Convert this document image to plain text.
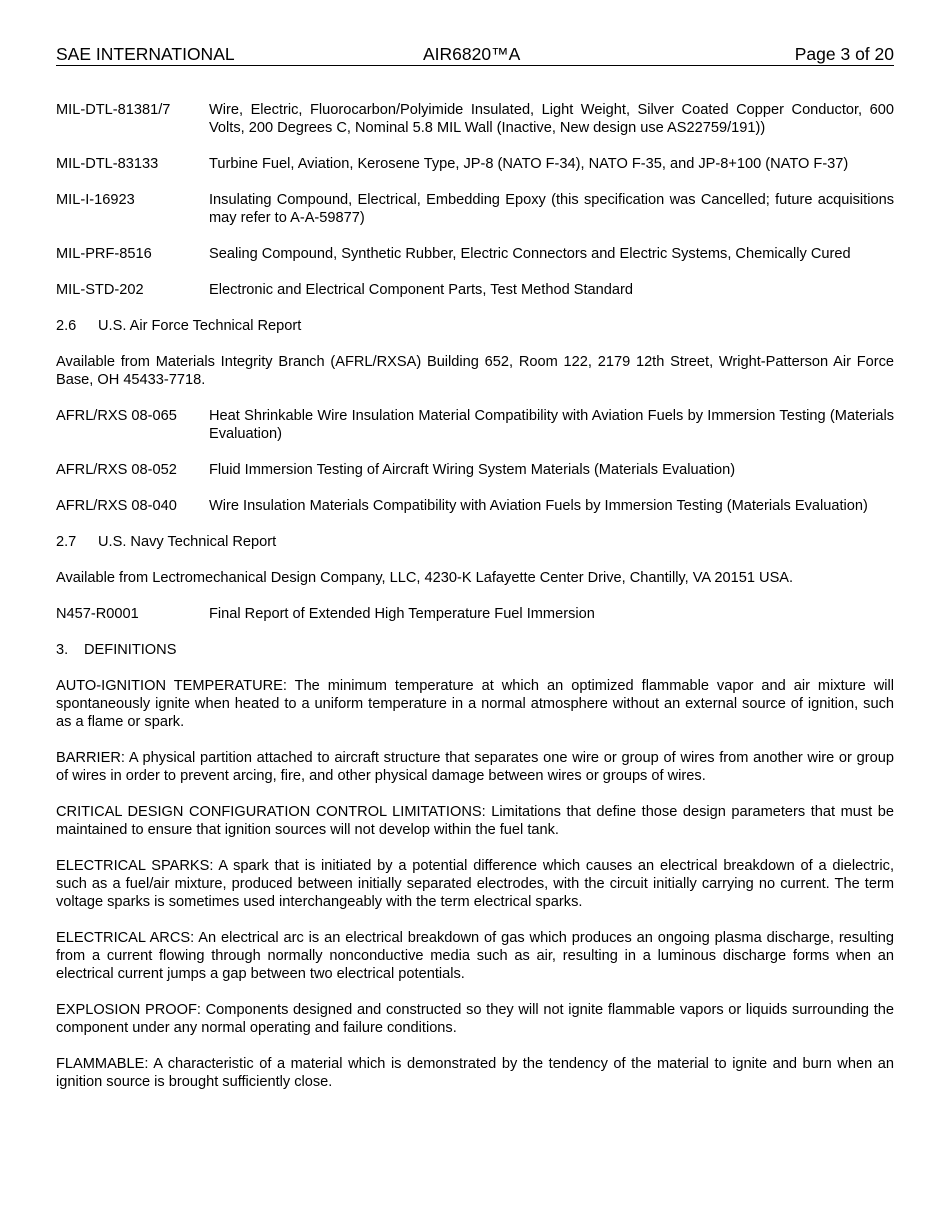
SAE INTERNATIONAL	AIR6820™A	Page 3 of 20
MIL-DTL-81381/7	Wire, Electric, Fluorocarbon/Polyimide Insulated, Light Weight, Silver Coated Copper Conductor, 600 Volts, 200 Degrees C, Nominal 5.8 MIL Wall (Inactive, New design use AS22759/191))
MIL-DTL-83133	Turbine Fuel, Aviation, Kerosene Type, JP-8 (NATO F-34), NATO F-35, and JP-8+100 (NATO F-37)
MIL-I-16923	Insulating Compound, Electrical, Embedding Epoxy (this specification was Cancelled; future acquisitions may refer to A-A-59877)
MIL-PRF-8516	Sealing Compound, Synthetic Rubber, Electric Connectors and Electric Systems, Chemically Cured
MIL-STD-202	Electronic and Electrical Component Parts, Test Method Standard
2.6 U.S. Air Force Technical Report
Available from Materials Integrity Branch (AFRL/RXSA) Building 652, Room 122, 2179 12th Street, Wright-Patterson Air Force Base, OH 45433-7718.
AFRL/RXS 08-065	Heat Shrinkable Wire Insulation Material Compatibility with Aviation Fuels by Immersion Testing (Materials Evaluation)
AFRL/RXS 08-052	Fluid Immersion Testing of Aircraft Wiring System Materials (Materials Evaluation)
AFRL/RXS 08-040	Wire Insulation Materials Compatibility with Aviation Fuels by Immersion Testing (Materials Evaluation)
2.7 U.S. Navy Technical Report
Available from Lectromechanical Design Company, LLC, 4230-K Lafayette Center Drive, Chantilly, VA 20151 USA.
N457-R0001	Final Report of Extended High Temperature Fuel Immersion
3. DEFINITIONS
AUTO-IGNITION TEMPERATURE: The minimum temperature at which an optimized flammable vapor and air mixture will spontaneously ignite when heated to a uniform temperature in a normal atmosphere without an external source of ignition, such as a flame or spark.
BARRIER: A physical partition attached to aircraft structure that separates one wire or group of wires from another wire or group of wires in order to prevent arcing, fire, and other physical damage between wires or groups of wires.
CRITICAL DESIGN CONFIGURATION CONTROL LIMITATIONS: Limitations that define those design parameters that must be maintained to ensure that ignition sources will not develop within the fuel tank.
ELECTRICAL SPARKS: A spark that is initiated by a potential difference which causes an electrical breakdown of a dielectric, such as a fuel/air mixture, produced between initially separated electrodes, with the circuit initially carrying no current. The term voltage sparks is sometimes used interchangeably with the term electrical sparks.
ELECTRICAL ARCS: An electrical arc is an electrical breakdown of gas which produces an ongoing plasma discharge, resulting from a current flowing through normally nonconductive media such as air, resulting in a luminous discharge forms when an electrical current jumps a gap between two electrical potentials.
EXPLOSION PROOF: Components designed and constructed so they will not ignite flammable vapors or liquids surrounding the component under any normal operating and failure conditions.
FLAMMABLE: A characteristic of a material which is demonstrated by the tendency of the material to ignite and burn when an ignition source is brought sufficiently close.
